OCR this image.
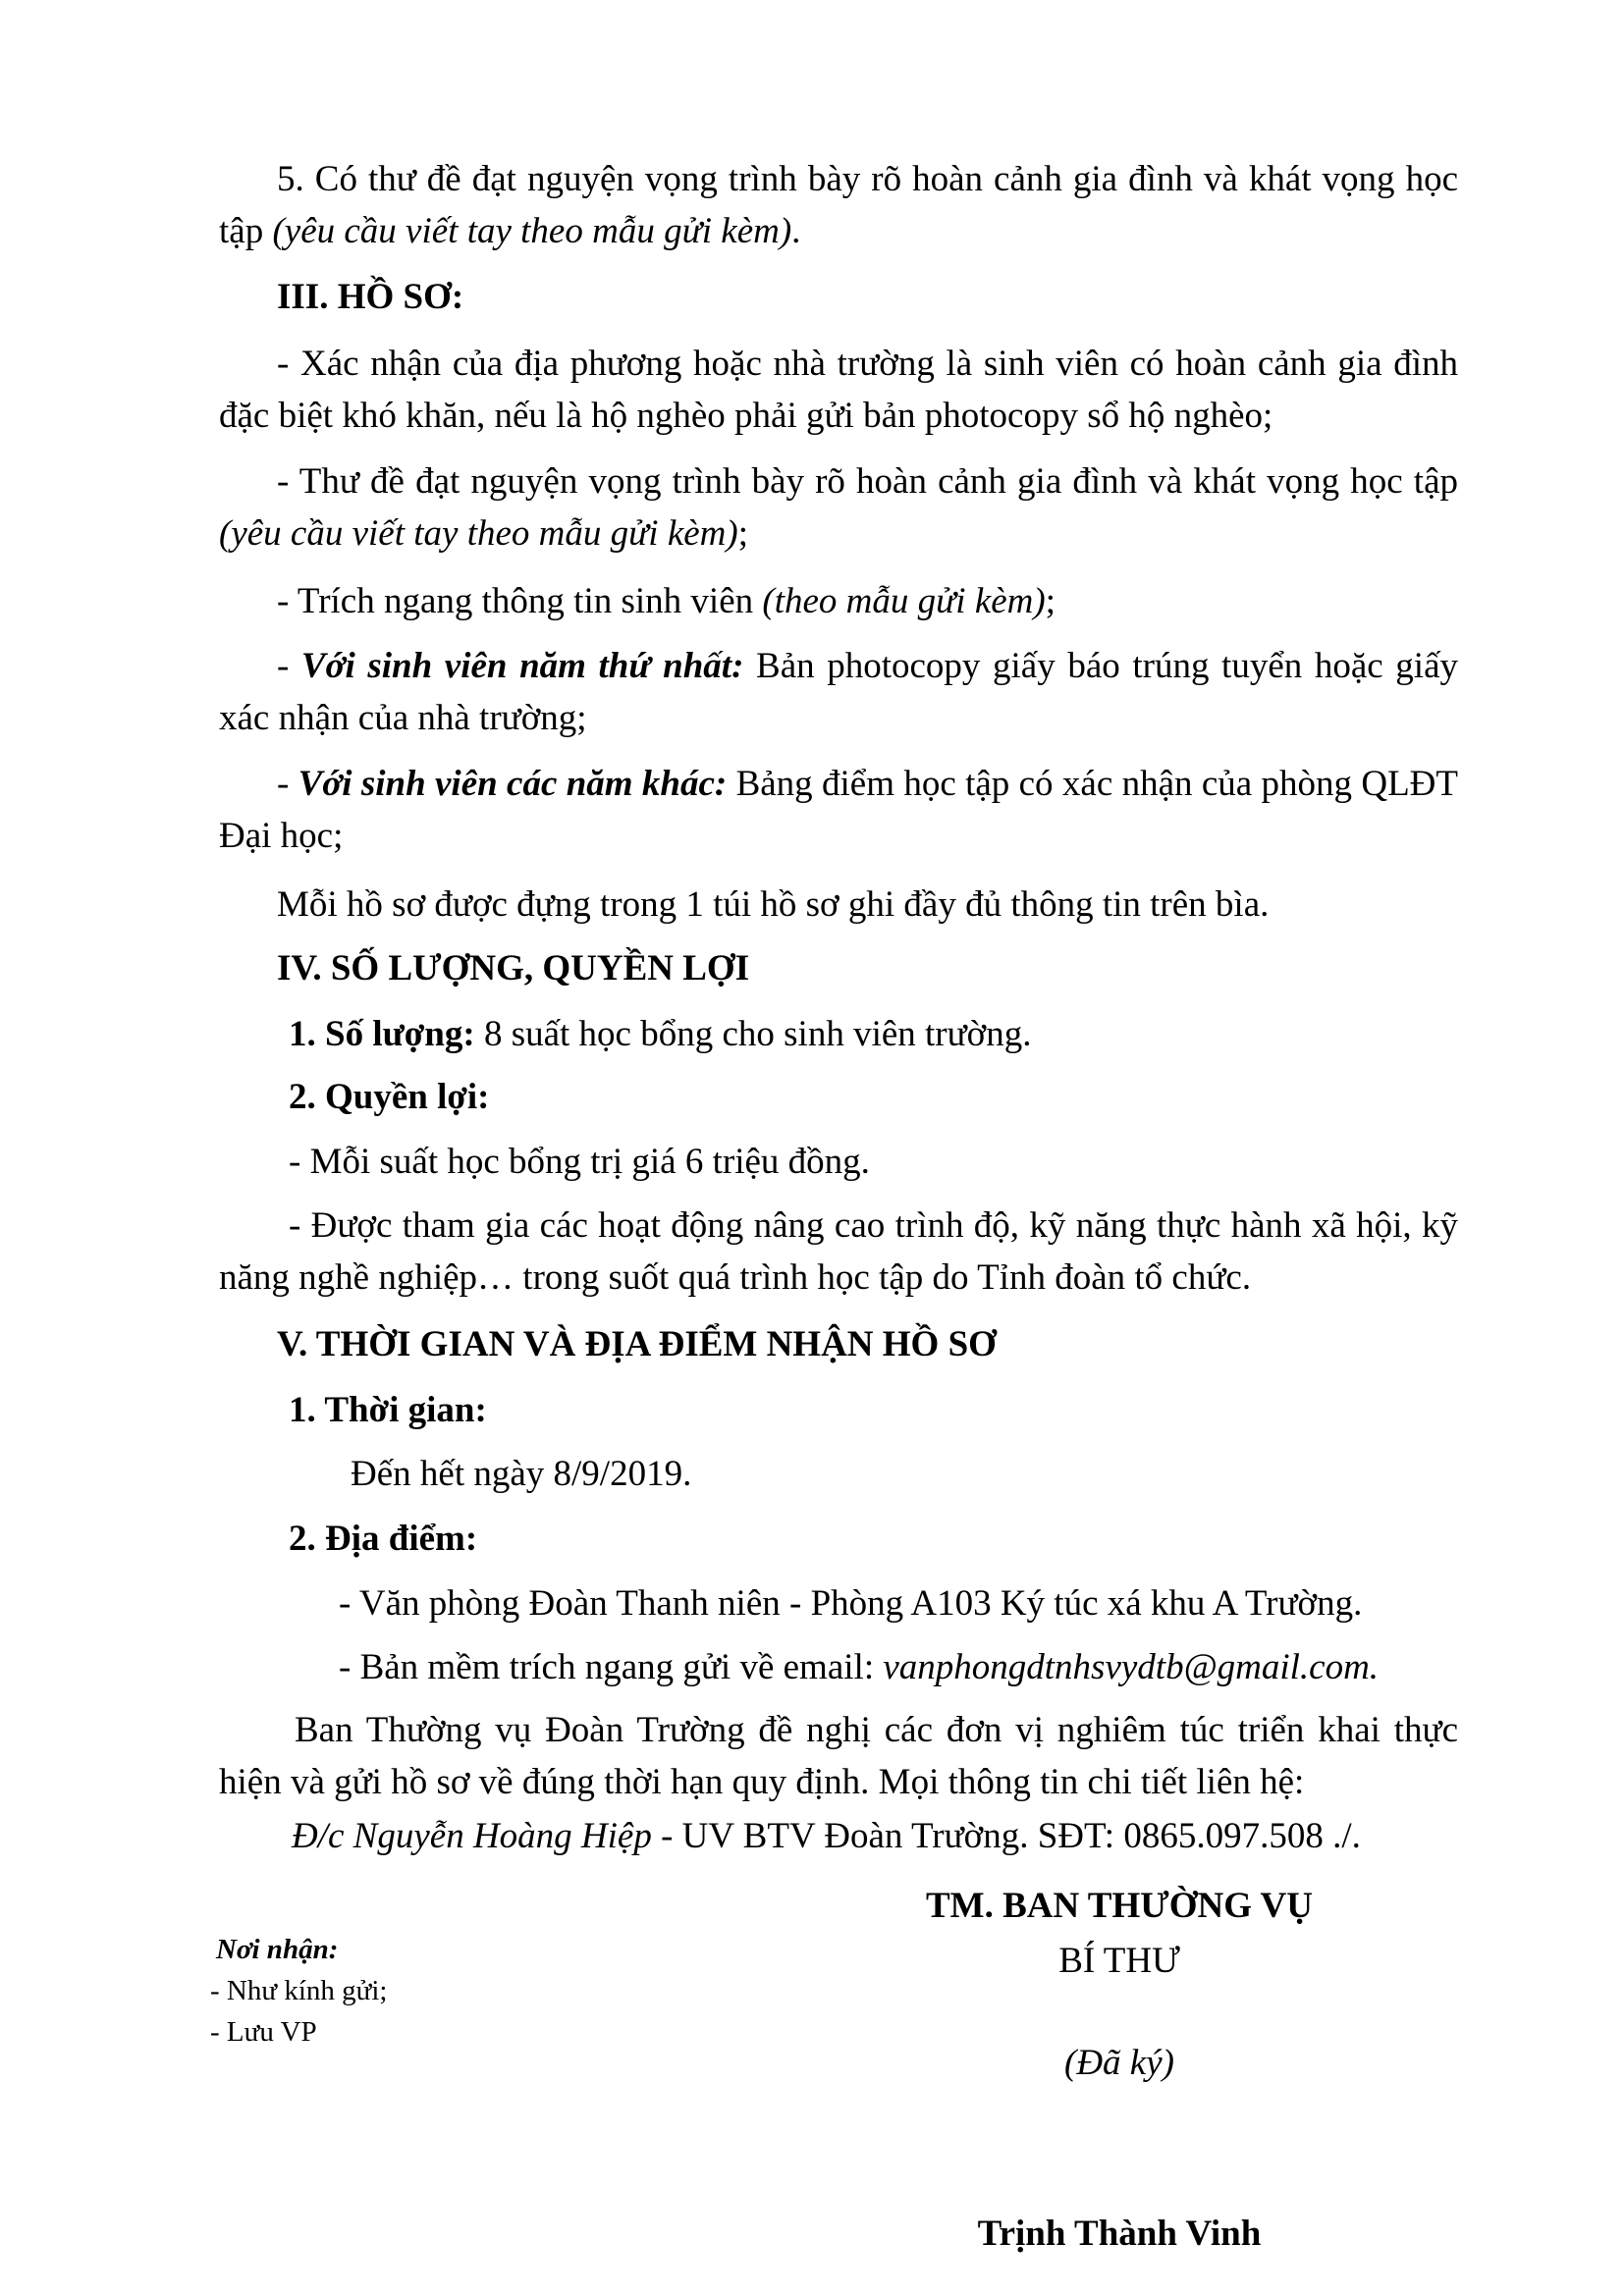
5. Có thư đề đạt nguyện vọng trình bày rõ hoàn cảnh gia đình và khát vọng học tập (yêu cầu viết tay theo mẫu gửi kèm).

III. HỒ SƠ:

- Xác nhận của địa phương hoặc nhà trường là sinh viên có hoàn cảnh gia đình đặc biệt khó khăn, nếu là hộ nghèo phải gửi bản photocopy sổ hộ nghèo;

- Thư đề đạt nguyện vọng trình bày rõ hoàn cảnh gia đình và khát vọng học tập (yêu cầu viết tay theo mẫu gửi kèm);

- Trích ngang thông tin sinh viên (theo mẫu gửi kèm);

- Với sinh viên năm thứ nhất: Bản photocopy giấy báo trúng tuyển hoặc giấy xác nhận của nhà trường;

- Với sinh viên các năm khác: Bảng điểm học tập có xác nhận của phòng QLĐT Đại học;

Mỗi hồ sơ được đựng trong 1 túi hồ sơ ghi đầy đủ thông tin trên bìa.

IV. SỐ LƯỢNG, QUYỀN LỢI

1. Số lượng: 8 suất học bổng cho sinh viên trường.

2. Quyền lợi:

- Mỗi suất học bổng trị giá 6 triệu đồng.

- Được tham gia các hoạt động nâng cao trình độ, kỹ năng thực hành xã hội, kỹ năng nghề nghiệp… trong suốt quá trình học tập do Tỉnh đoàn tổ chức.

V. THỜI GIAN VÀ ĐỊA ĐIỂM NHẬN HỒ SƠ

1. Thời gian:

Đến hết ngày 8/9/2019.

2. Địa điểm:

- Văn phòng Đoàn Thanh niên - Phòng A103 Ký túc xá khu A Trường.

- Bản mềm trích ngang gửi về email: vanphongdtnhsvydtb@gmail.com.

Ban Thường vụ Đoàn Trường đề nghị các đơn vị nghiêm túc triển khai thực hiện và gửi hồ sơ về đúng thời hạn quy định. Mọi thông tin chi tiết liên hệ:

Đ/c Nguyễn Hoàng Hiệp - UV BTV Đoàn Trường. SĐT: 0865.097.508 ./.

Nơi nhận:

- Như kính gửi;

- Lưu VP

TM. BAN THƯỜNG VỤ

BÍ THƯ

(Đã ký)

Trịnh Thành Vinh
